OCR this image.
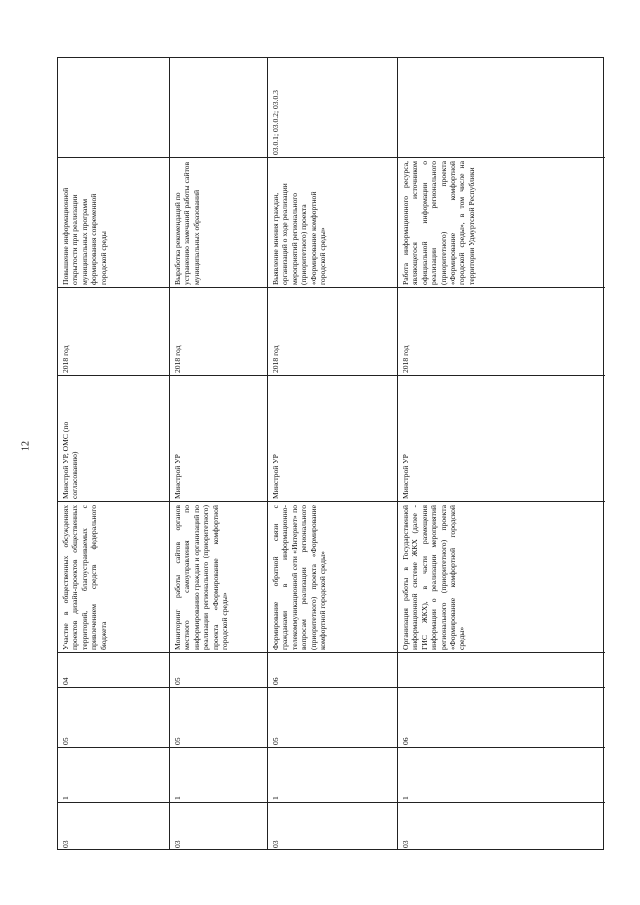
12
Повышение информационной открытости при реализации муниципальных программ формирования современной городской среды
2018 год
Минстрой УР, ОМС (по согласованию)
Участие в общественных обсуждениях проектов дизайн-проектов общественных территорий, благоустраиваемых с привлечением средств федерального бюджета
04
05
1
03
Выработка рекомендаций по устранению замечаний работы сайтов муниципальных образований
2018 год
Минстрой УР
Мониторинг работы сайтов органов местного самоуправления по информированию граждан и организаций по реализации регионального (приоритетного) проекта «Формирование комфортной городской среды»
05
05
1
03
03.0.1; 03.0.2; 03.0.3
Выявление мнения граждан, организаций о ходе реализации мероприятий регионального (приоритетного) проекта «Формирование комфортной городской среды»
2018 год
Минстрой УР
Формирование обратной связи с гражданами в информационно-телекоммуникационной сети «Интернет» по вопросам реализации регионального (приоритетного) проекта «Формирование комфортной городской среды»
06
05
1
03
Работа информационного ресурса, являющегося источником официальной информации о реализации регионального (приоритетного) проекта «Формирование комфортной городской среды», в том числе на территории Удмуртской Республики
2018 год
Минстрой УР
Организация работы в Государственной информационной системе ЖКХ (далее - ГИС ЖКХ), в части размещения информации о реализации мероприятий регионального (приоритетного) проекта «Формирование комфортной городской среды»
06
1
03
